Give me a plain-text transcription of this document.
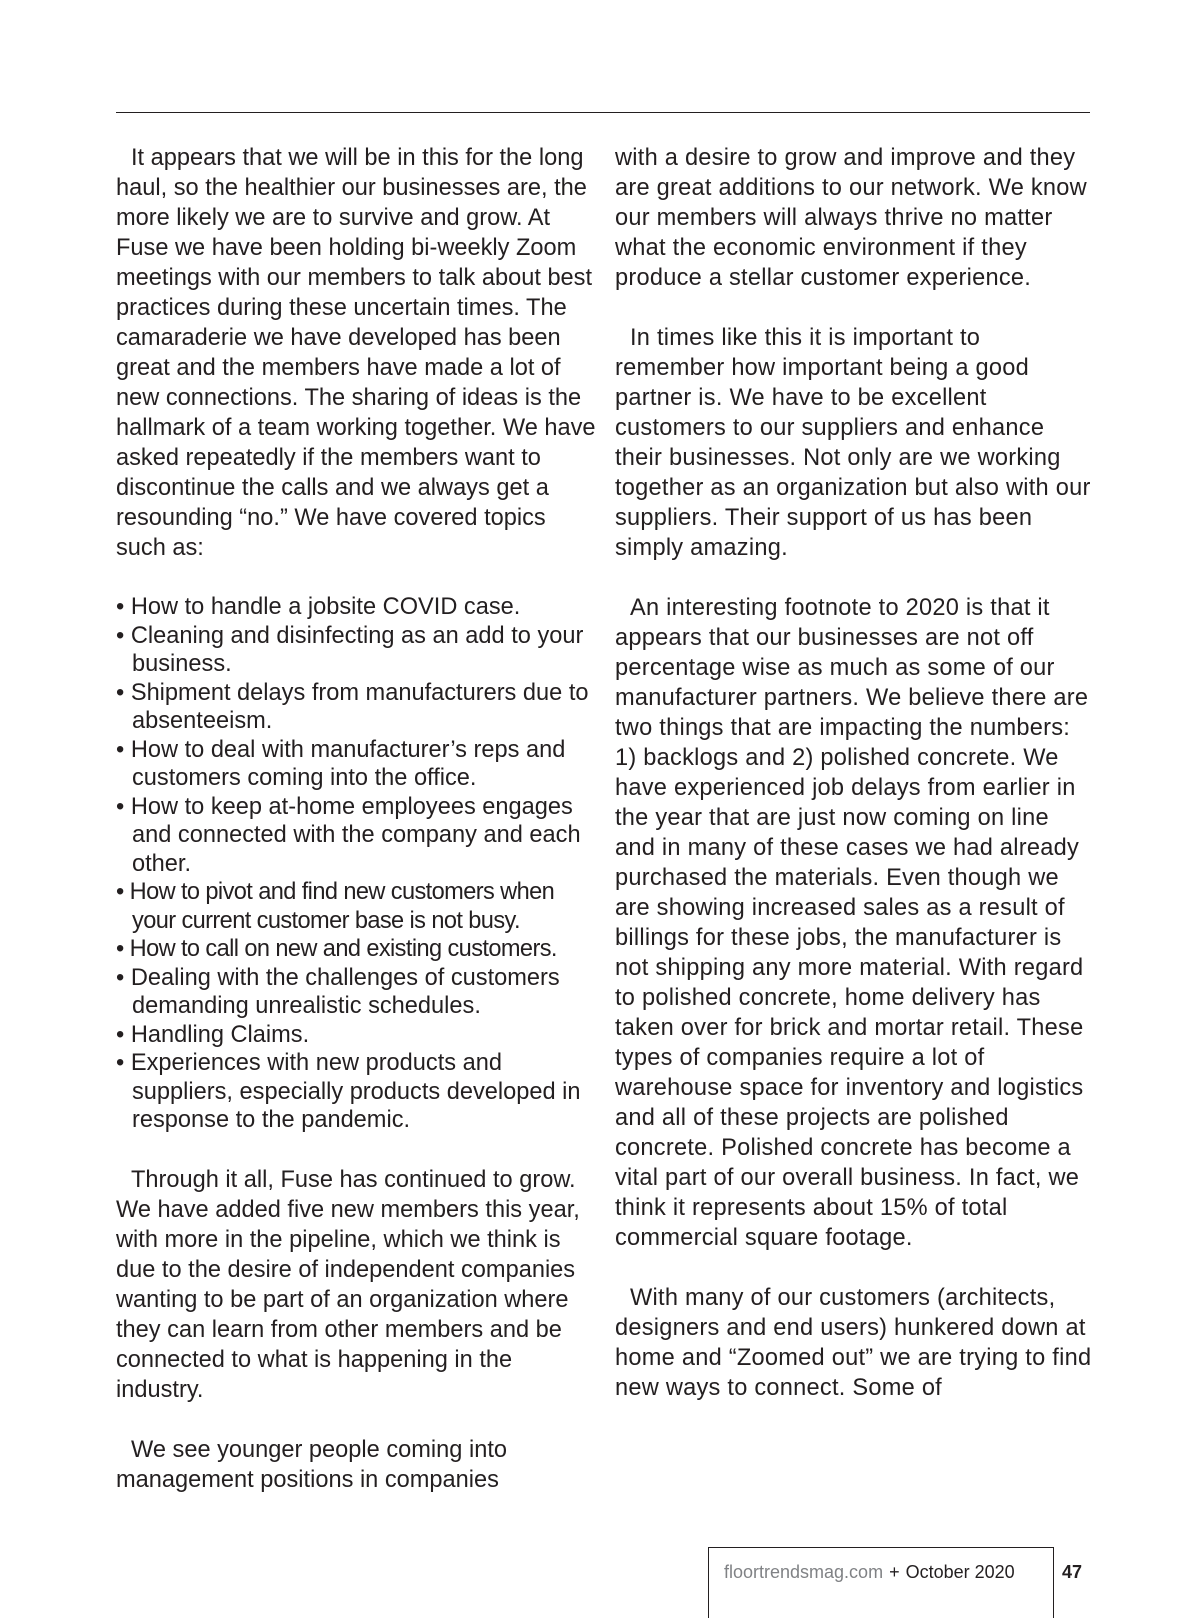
It appears that we will be in this for the long haul, so the healthier our businesses are, the more likely we are to survive and grow. At Fuse we have been holding bi-weekly Zoom meetings with our members to talk about best practices during these uncertain times. The camaraderie we have developed has been great and the members have made a lot of new connections. The sharing of ideas is the hallmark of a team working together. We have asked repeatedly if the members want to discontinue the calls and we always get a resounding “no.” We have covered topics such as:

• How to handle a jobsite COVID case.
• Cleaning and disinfecting as an add to your business.
• Shipment delays from manufacturers due to absenteeism.
• How to deal with manufacturer’s reps and customers coming into the office.
• How to keep at-home employees engages and connected with the company and each other.
• How to pivot and find new customers when your current customer base is not busy.
• How to call on new and existing customers.
• Dealing with the challenges of customers demanding unrealistic schedules.
• Handling Claims.
• Experiences with new products and suppliers, especially products developed in response to the pandemic.

Through it all, Fuse has continued to grow. We have added five new members this year, with more in the pipeline, which we think is due to the desire of independent companies wanting to be part of an organization where they can learn from other members and be connected to what is happening in the industry.

We see younger people coming into management positions in companies

with a desire to grow and improve and they are great additions to our network. We know our members will always thrive no matter what the economic environment if they produce a stellar customer experience.

In times like this it is important to remember how important being a good partner is. We have to be excellent customers to our suppliers and enhance their businesses. Not only are we working together as an organization but also with our suppliers. Their support of us has been simply amazing.

An interesting footnote to 2020 is that it appears that our businesses are not off percentage wise as much as some of our manufacturer partners. We believe there are two things that are impacting the numbers: 1) backlogs and 2) polished concrete. We have experienced job delays from earlier in the year that are just now coming on line and in many of these cases we had already purchased the materials. Even though we are showing increased sales as a result of billings for these jobs, the manufacturer is not shipping any more material. With regard to polished concrete, home delivery has taken over for brick and mortar retail. These types of companies require a lot of warehouse space for inventory and logistics and all of these projects are polished concrete. Polished concrete has become a vital part of our overall business. In fact, we think it represents about 15% of total commercial square footage.

With many of our customers (architects, designers and end users) hunkered down at home and “Zoomed out” we are trying to find new ways to connect. Some of

floortrendsmag.com + October 2020	47
